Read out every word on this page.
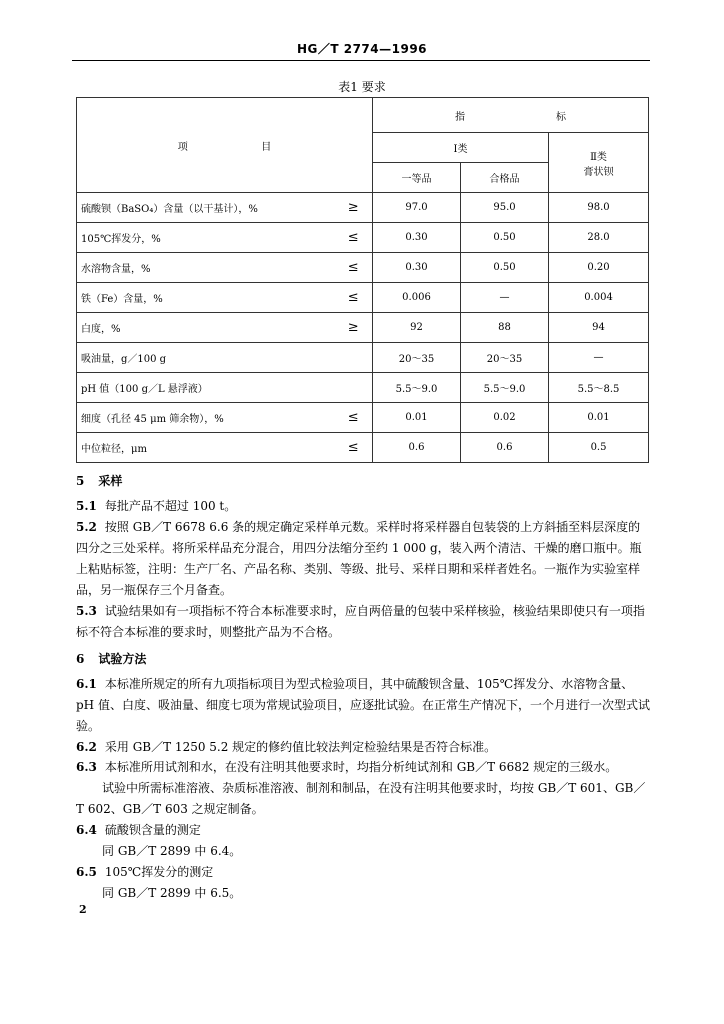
HG／T 2774—1996
表1 要求
项 目		指 标		

		Ⅰ类		Ⅱ类
膏状钡

		一等品	合格品	
硫酸钡（BaSO₄）含量（以干基计），%	≥	97.0	95.0	98.0
105℃挥发分，%	≤	0.30	0.50	28.0
水溶物含量，%	≤	0.30	0.50	0.20
铁（Fe）含量，%	≤	0.006	—	0.004
白度，%	≥	92	88	94
吸油量，g／100 g		20～35	20～35	—
pH 值（100 g／L 悬浮液）		5.5～9.0	5.5～9.0	5.5～8.5
细度（孔径 45 μm 筛余物），%	≤	0.01	0.02	0.01
中位粒径，μm	≤	0.6	0.6	0.5
5 采样
5.1 每批产品不超过 100 t。
5.2 按照 GB／T 6678 6.6 条的规定确定采样单元数。采样时将采样器自包装袋的上方斜插至料层深度的四分之三处采样。将所采样品充分混合，用四分法缩分至约 1 000 g，装入两个清洁、干燥的磨口瓶中。瓶上粘贴标签，注明：生产厂名、产品名称、类别、等级、批号、采样日期和采样者姓名。一瓶作为实验室样品，另一瓶保存三个月备查。
5.3 试验结果如有一项指标不符合本标准要求时，应自两倍量的包装中采样核验，核验结果即使只有一项指标不符合本标准的要求时，则整批产品为不合格。
6 试验方法
6.1 本标准所规定的所有九项指标项目为型式检验项目，其中硫酸钡含量、105℃挥发分、水溶物含量、pH 值、白度、吸油量、细度七项为常规试验项目，应逐批试验。在正常生产情况下，一个月进行一次型式试验。
6.2 采用 GB／T 1250 5.2 规定的修约值比较法判定检验结果是否符合标准。
6.3 本标准所用试剂和水，在没有注明其他要求时，均指分析纯试剂和 GB／T 6682 规定的三级水。
试验中所需标准溶液、杂质标准溶液、制剂和制品，在没有注明其他要求时，均按 GB／T 601、GB／
T 602、GB／T 603 之规定制备。
6.4 硫酸钡含量的测定
同 GB／T 2899 中 6.4。
6.5 105℃挥发分的测定
同 GB／T 2899 中 6.5。
2
